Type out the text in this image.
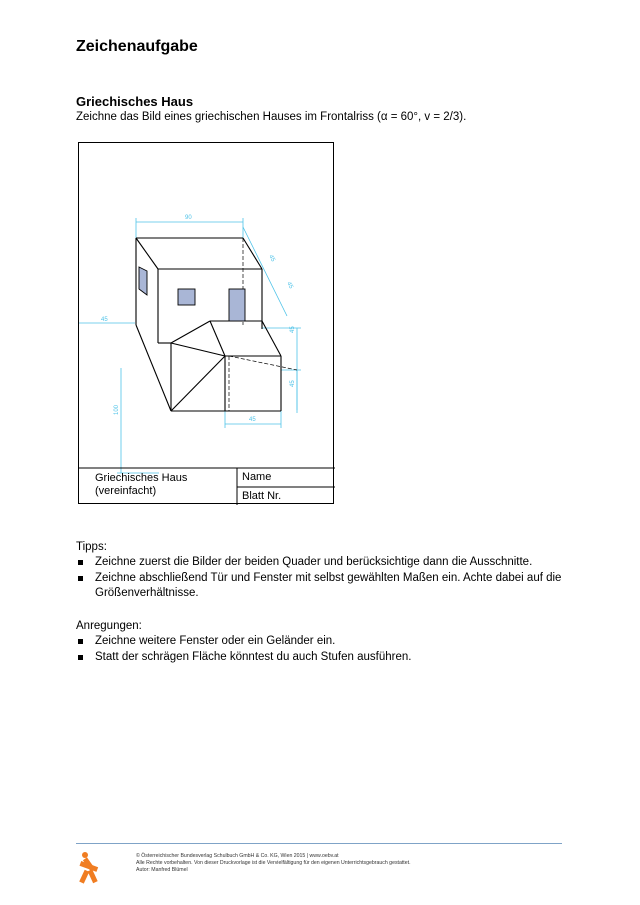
Zeichenaufgabe
Griechisches Haus
Zeichne das Bild eines griechischen Hauses im Frontalriss (α = 60°, v = 2/3).
90
45
45
45
45
45
100
45
Griechisches Haus
(vereinfacht)
Name
Blatt Nr.
Tipps:
Zeichne zuerst die Bilder der beiden Quader und berücksichtige dann die Ausschnitte.
Zeichne abschließend Tür und Fenster mit selbst gewählten Maßen ein. Achte dabei auf die Größenverhältnisse.
Anregungen:
Zeichne weitere Fenster oder ein Geländer ein.
Statt der schrägen Fläche könntest du auch Stufen ausführen.
© Österreichischer Bundesverlag Schulbuch GmbH & Co. KG, Wien 2015 | www.oebv.at
Alle Rechte vorbehalten. Von dieser Druckvorlage ist die Vervielfältigung für den eigenen Unterrichtsgebrauch gestattet.
Autor: Manfred Blümel
